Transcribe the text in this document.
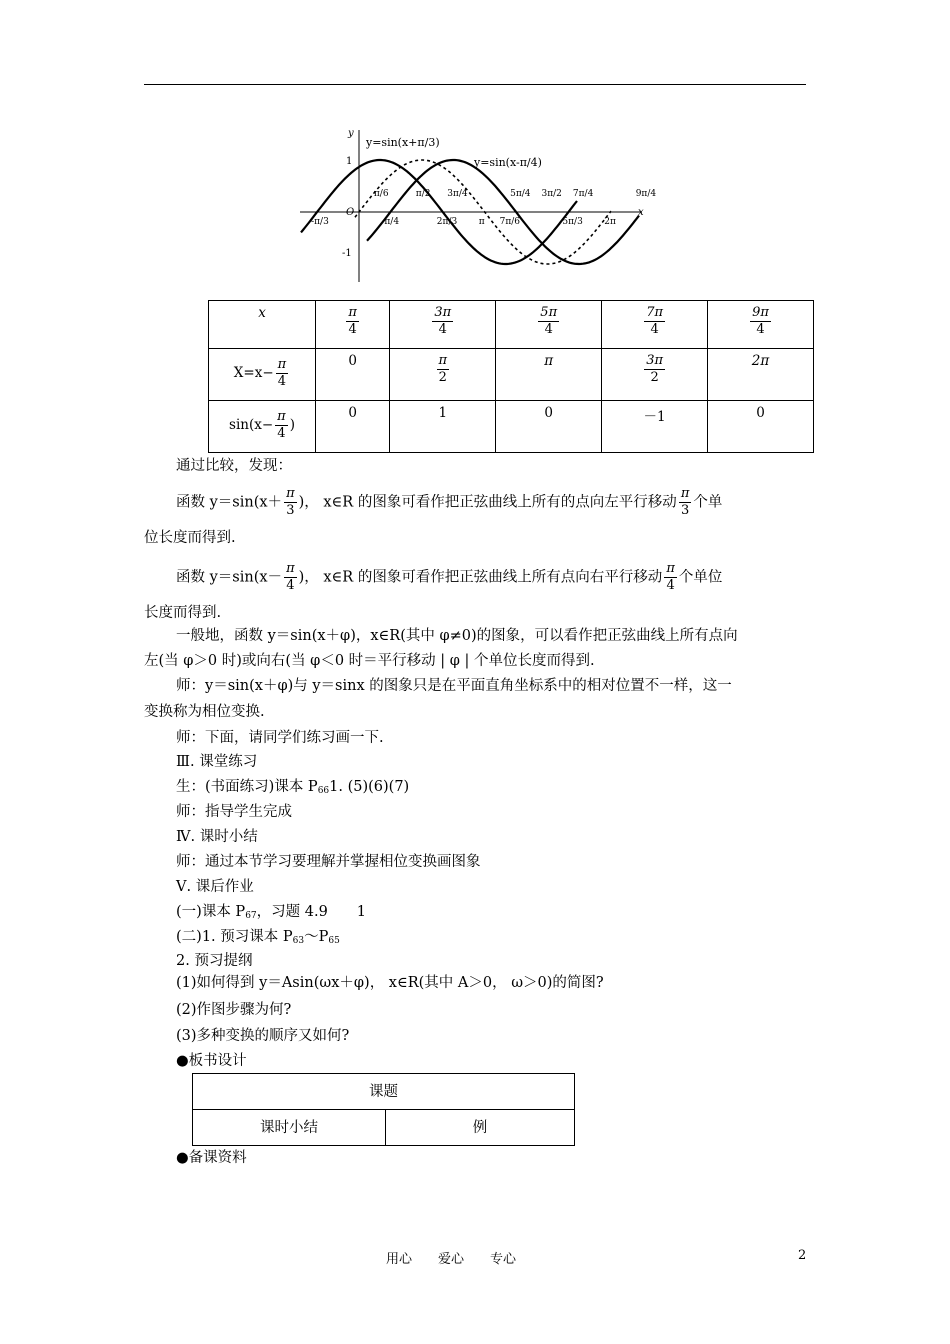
y
x
O
1
-1
y=sin(x+π/3)
y=sin(x-π/4)
-π/3
π/6
π/4
π/2
2π/3
3π/4
π
5π/4
7π/6
3π/2
5π/3
7π/4
2π
9π/4
x	$\frac{\pi}{4}$	$\frac{3\pi}{4}$	$\frac{5\pi}{4}$	$\frac{7\pi}{4}$	$\frac{9\pi}{4}$

$X=x- \frac{\pi}{4}$	0	$\frac{\pi}{2}$	π	$\frac{3\pi}{2}$	2π
$\sin(x- \frac{\pi}{4}$ )	0	1	0	－1	0
通过比较，发现：
函数 $y=\sin(x+ \frac{\pi}{3}$ )， x∈R 的图象可看作把正弦曲线上所有的点向左平行移动 $\frac{\pi}{3}$ 个单
位长度而得到.
函数 $y=\sin(x- \frac{\pi}{4}$ )， x∈R 的图象可看作把正弦曲线上所有点向右平行移动 $\frac{\pi}{4}$ 个单位
长度而得到.
一般地，函数 y＝sin(x＋φ)，x∈R(其中 φ≠0)的图象，可以看作把正弦曲线上所有点向
左(当 φ＞0 时)或向右(当 φ＜0 时＝平行移动 | φ | 个单位长度而得到.
师：y＝sin(x＋φ)与 y＝sinx 的图象只是在平面直角坐标系中的相对位置不一样，这一
变换称为相位变换.
师：下面，请同学们练习画一下.
Ⅲ. 课堂练习
生：(书面练习)课本 $P_{66}1$. (5)(6)(7)
师：指导学生完成
Ⅳ. 课时小结
师：通过本节学习要理解并掌握相位变换画图象
Ⅴ. 课后作业
(一)课本 $P_{67}$，习题 4.9　　1
(二)1. 预习课本 $P_{63}\sim P_{65}$
2. 预习提纲
(1)如何得到 y＝Asin(ωx＋φ)， x∈R(其中 A＞0， ω＞0)的简图?
(2)作图步骤为何?
(3)多种变换的顺序又如何?
●板书设计
课题
课时小结	例
●备课资料
用心　　爱心　　专心	2
